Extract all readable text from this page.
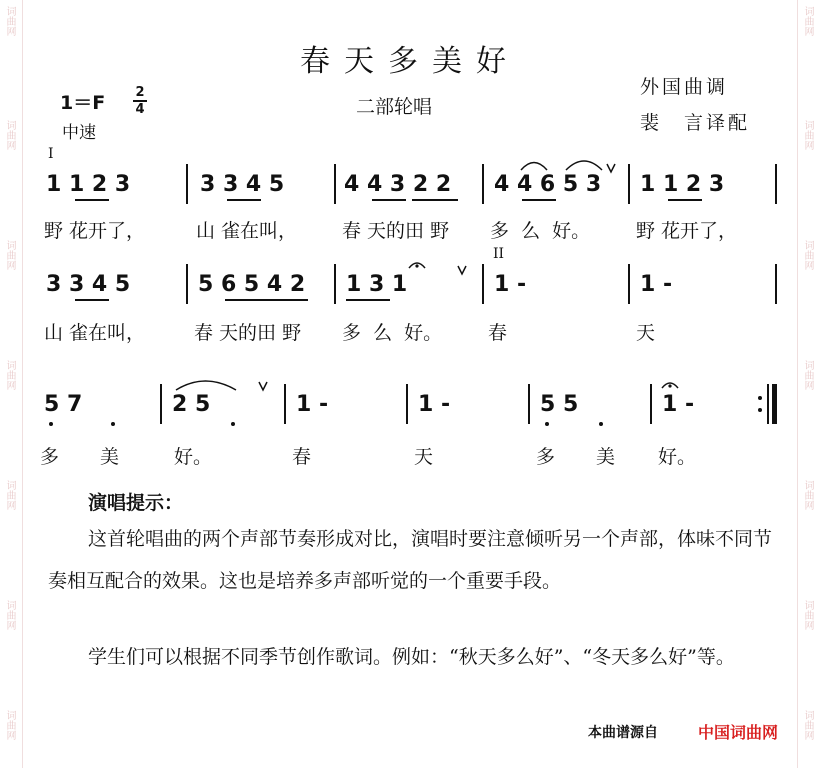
词曲网
词曲网
词曲网
词曲网
词曲网
词曲网
词曲网
词曲网
词曲网
词曲网
词曲网
词曲网
词曲网
词曲网
春天多美好
1＝F 2
4
中速
二部轮唱
外国曲调
裴　言译配
I
II
1 1 2 3	3 3 4 5	4 4 3 2 2 4 4 6 5 3 1 1 2 3
野 花开了，	山 雀在叫， 春 天的田 野 多  么  好。 野 花开了，
3 3 4 5	5 6 5 4 2 1 3 1	1 -	1 -
山 雀在叫，	春 天的田 野 多  么  好。 春	天
5 7	2 5	1 -	1 -	5 5	1 -
多 美	好。	春	天	多 美 好。
演唱提示：
这首轮唱曲的两个声部节奏形成对比，演唱时要注意倾听另一个声部，体味不同节奏相互配合的效果。这也是培养多声部听觉的一个重要手段。
学生们可以根据不同季节创作歌词。例如：“秋天多么好”、“冬天多么好”等。
本曲谱源自	中国词曲网
